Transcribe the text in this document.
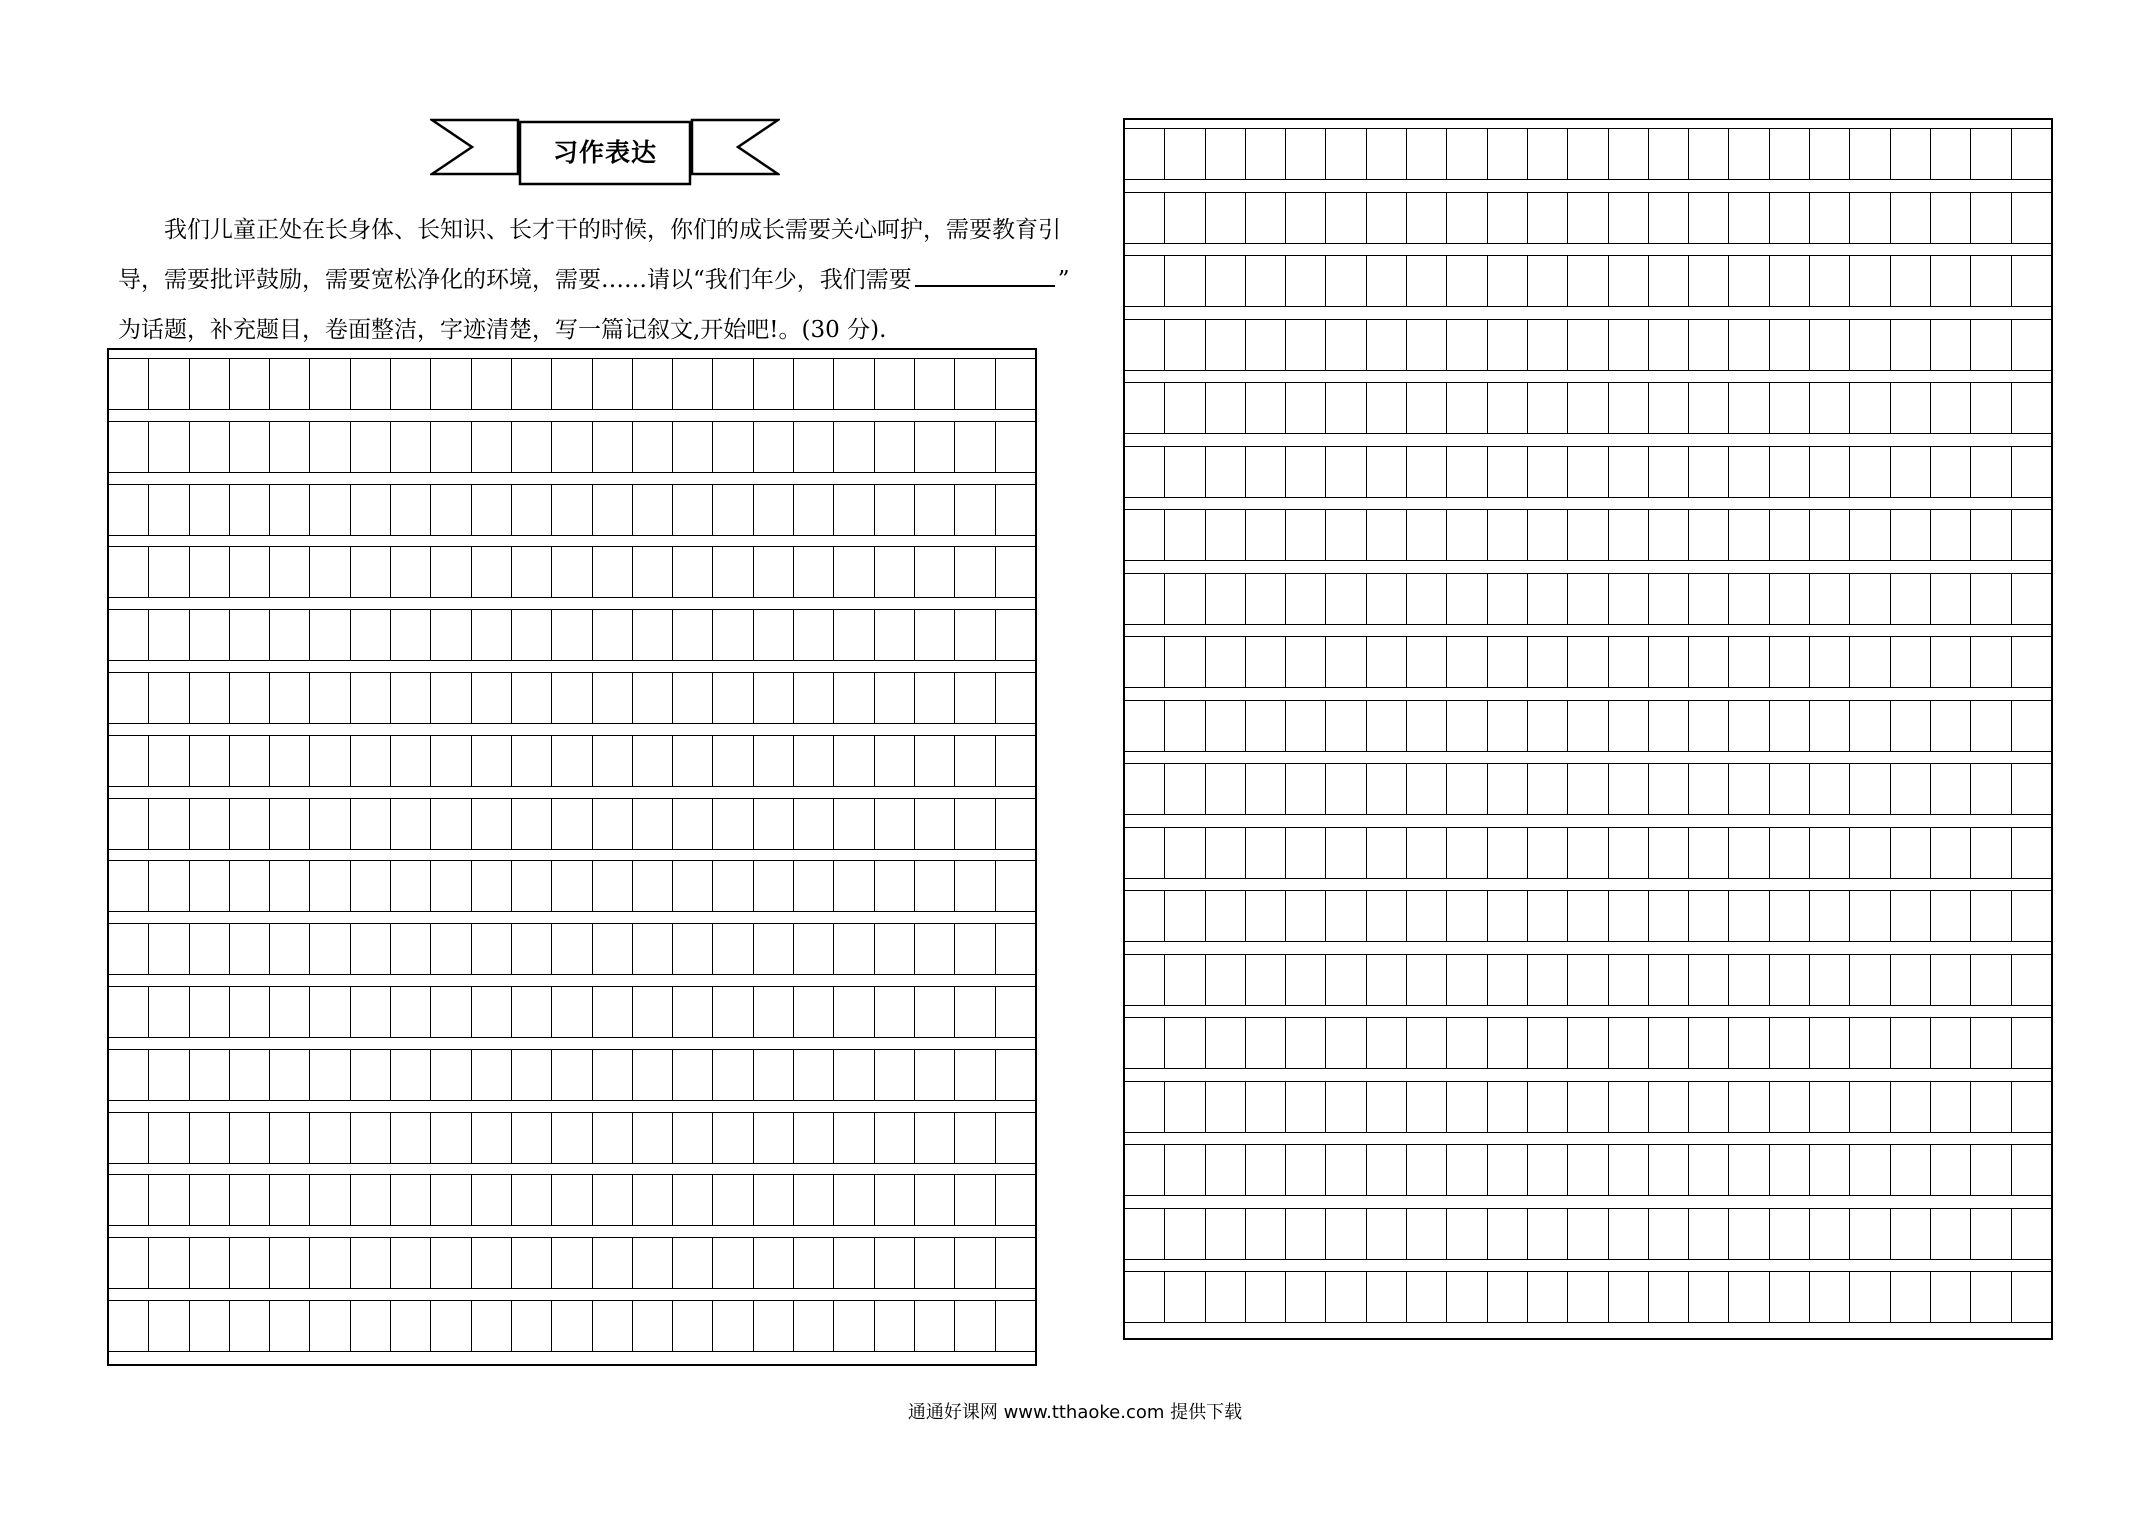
习作表达

我们儿童正处在长身体、长知识、长才干的时候，你们的成长需要关心呵护，需要教育引

导，需要批评鼓励，需要宽松净化的环境，需要……请以“我们年少，我们需要	”

为话题，补充题目，卷面整洁，字迹清楚，写一篇记叙文,开始吧!。(30 分).

通通好课网 www.tthaoke.com 提供下载
